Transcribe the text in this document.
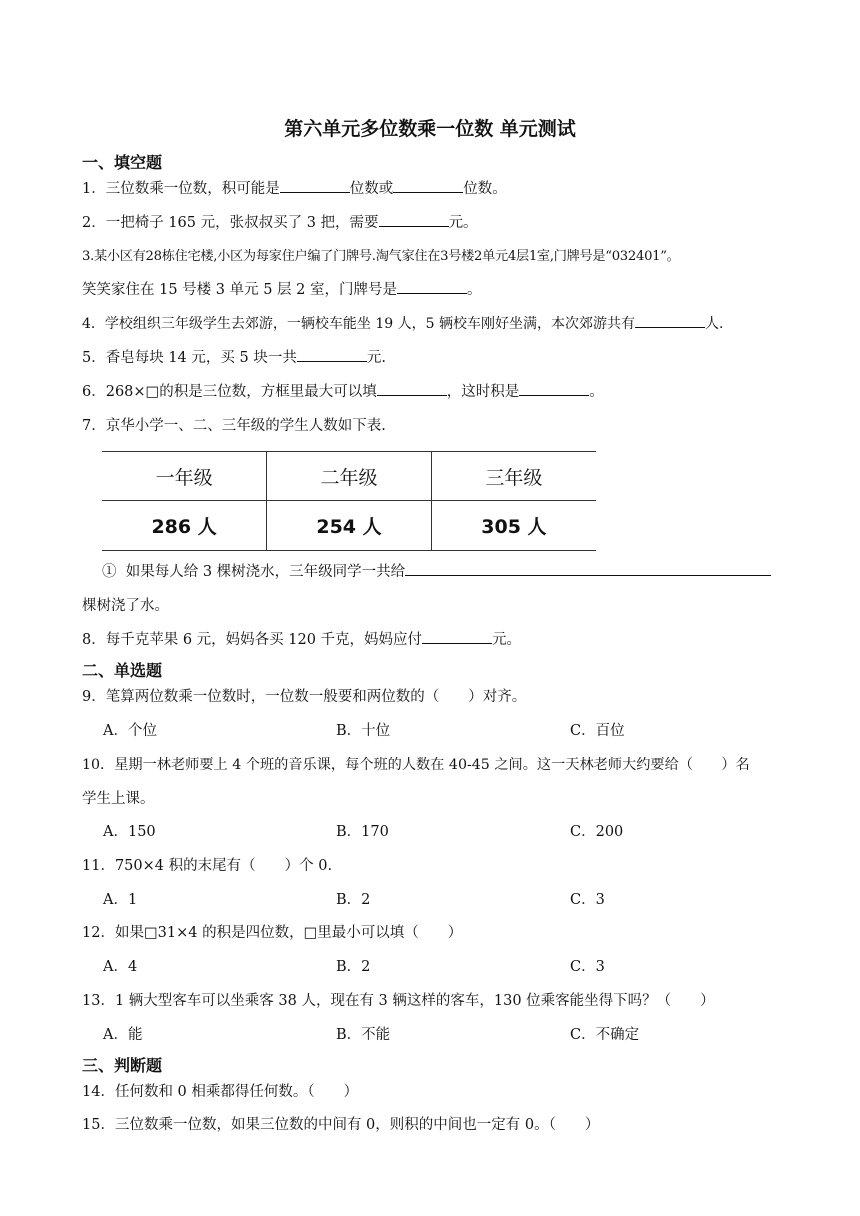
第六单元多位数乘一位数 单元测试
一、填空题
1．三位数乘一位数，积可能是	位数或	位数。
2．一把椅子 165 元，张叔叔买了 3 把，需要	元。
3.某小区有28栋住宅楼,小区为每家住户编了门牌号.淘气家住在3号楼2单元4层1室,门牌号是“032401”。
笑笑家住在 15 号楼 3 单元 5 层 2 室，门牌号是	。
4．学校组织三年级学生去郊游，一辆校车能坐 19 人，5 辆校车刚好坐满，本次郊游共有	人.
5．香皂每块 14 元，买 5 块一共	元.
6．268×□的积是三位数，方框里最大可以填	，这时积是	。
7．京华小学一、二、三年级的学生人数如下表.
一年级	二年级	三年级
286 人	254 人	305 人
① 如果每人给 3 棵树浇水，三年级同学一共给
棵树浇了水。
8．每千克苹果 6 元，妈妈各买 120 千克，妈妈应付	元。
二、单选题
9．笔算两位数乘一位数时，一位数一般要和两位数的（　　）对齐。
A．个位	B．十位	C．百位
10．星期一林老师要上 4 个班的音乐课，每个班的人数在 40-45 之间。这一天林老师大约要给（　　）名
学生上课。
A．150	B．170	C．200
11．750×4 积的末尾有（　　）个 0.
A．1	B．2	C．3
12．如果□31×4 的积是四位数，□里最小可以填（　　）
A．4	B．2	C．3
13．1 辆大型客车可以坐乘客 38 人，现在有 3 辆这样的客车，130 位乘客能坐得下吗？（　　）
A．能	B．不能	C．不确定
三、判断题
14．任何数和 0 相乘都得任何数。（　　）
15．三位数乘一位数，如果三位数的中间有 0，则积的中间也一定有 0。（　　）
